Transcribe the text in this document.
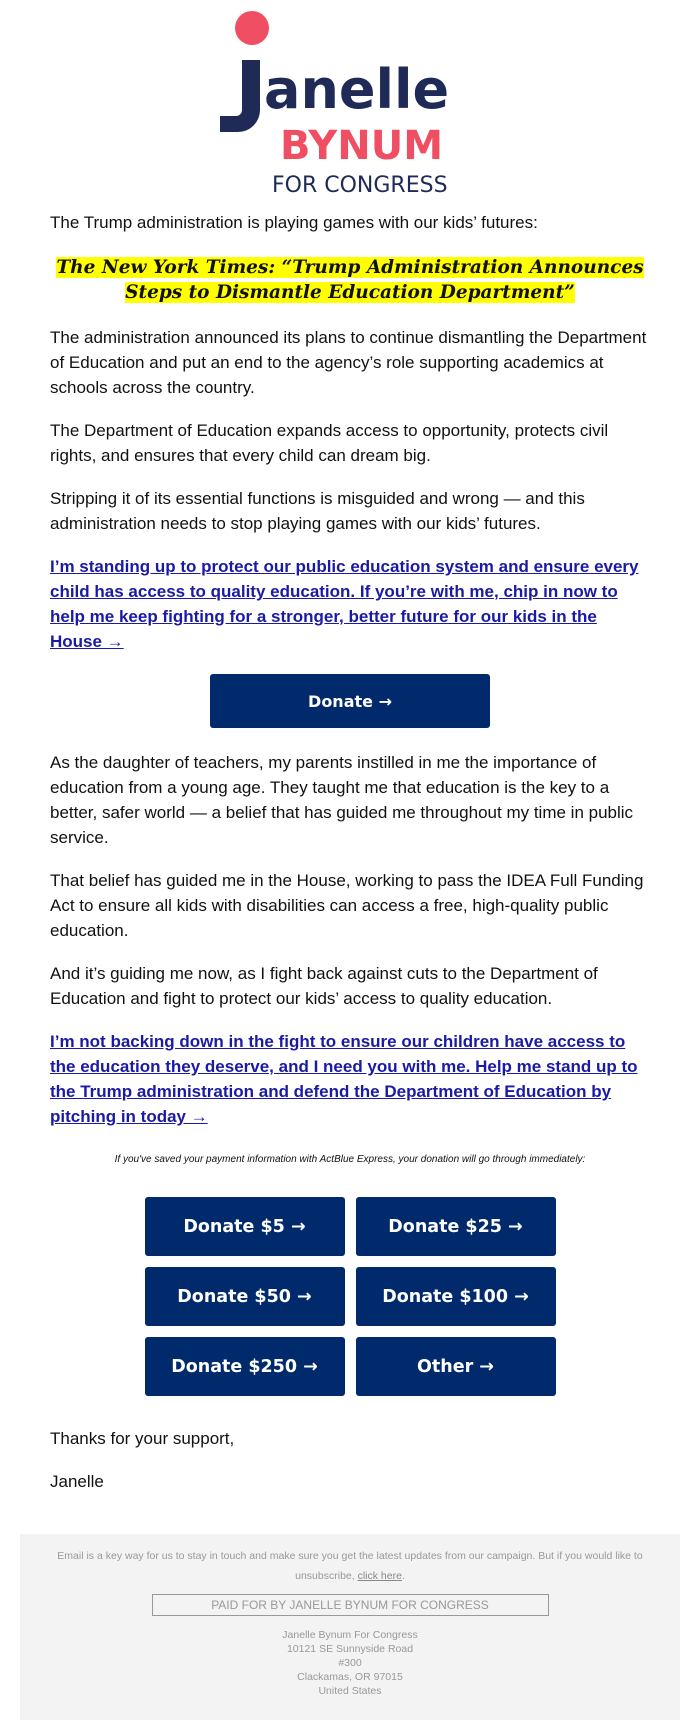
anelle
BYNUM
FOR CONGRESS

The Trump administration is playing games with our kids’ futures:

The New York Times: “Trump Administration Announces Steps to Dismantle Education Department”

The administration announced its plans to continue dismantling the Department of Education and put an end to the agency’s role supporting academics at schools across the country.

The Department of Education expands access to opportunity, protects civil rights, and ensures that every child can dream big.

Stripping it of its essential functions is misguided and wrong — and this administration needs to stop playing games with our kids’ futures.

I’m standing up to protect our public education system and ensure every child has access to quality education. If you’re with me, chip in now to help me keep fighting for a stronger, better future for our kids in the House →
Donate →

As the daughter of teachers, my parents instilled in me the importance of education from a young age. They taught me that education is the key to a better, safer world — a belief that has guided me throughout my time in public service.

That belief has guided me in the House, working to pass the IDEA Full Funding Act to ensure all kids with disabilities can access a free, high-quality public education.

And it’s guiding me now, as I fight back against cuts to the Department of Education and fight to protect our kids’ access to quality education.

I’m not backing down in the fight to ensure our children have access to the education they deserve, and I need you with me. Help me stand up to the Trump administration and defend the Department of Education by pitching in today →
If you've saved your payment information with ActBlue Express, your donation will go through immediately:
Donate $5 →	Donate $25 →
Donate $50 →	Donate $100 →
Donate $250 →	Other →

Thanks for your support,

Janelle

Email is a key way for us to stay in touch and make sure you get the latest updates from our campaign. But if you would like to unsubscribe, click here.
PAID FOR BY JANELLE BYNUM FOR CONGRESS
Janelle Bynum For Congress
10121 SE Sunnyside Road
#300
Clackamas, OR 97015
United States
